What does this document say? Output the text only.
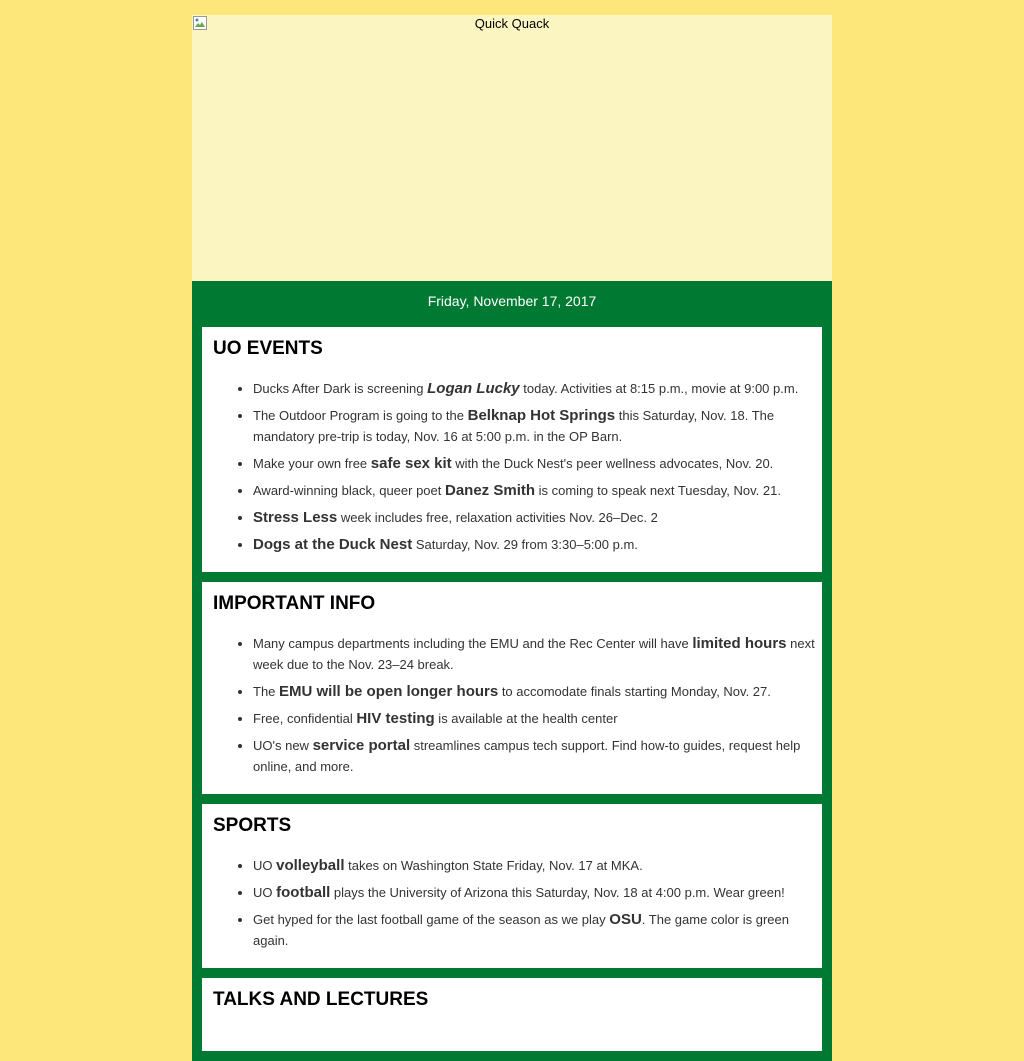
Quick Quack
Friday, November 17, 2017
UO EVENTS
• Ducks After Dark is screening Logan Lucky today. Activities at 8:15 p.m., movie at 9:00 p.m.
• The Outdoor Program is going to the Belknap Hot Springs this Saturday, Nov. 18. The mandatory pre-trip is today, Nov. 16 at 5:00 p.m. in the OP Barn.
• Make your own free safe sex kit with the Duck Nest's peer wellness advocates, Nov. 20.
• Award-winning black, queer poet Danez Smith is coming to speak next Tuesday, Nov. 21.
• Stress Less week includes free, relaxation activities Nov. 26–Dec. 2
• Dogs at the Duck Nest Saturday, Nov. 29 from 3:30–5:00 p.m.
IMPORTANT INFO
• Many campus departments including the EMU and the Rec Center will have limited hours next week due to the Nov. 23–24 break.
• The EMU will be open longer hours to accomodate finals starting Monday, Nov. 27.
• Free, confidential HIV testing is available at the health center
• UO's new service portal streamlines campus tech support. Find how-to guides, request help online, and more.
SPORTS
• UO volleyball takes on Washington State Friday, Nov. 17 at MKA.
• UO football plays the University of Arizona this Saturday, Nov. 18 at 4:00 p.m. Wear green!
• Get hyped for the last football game of the season as we play OSU. The game color is green again.
TALKS AND LECTURES
